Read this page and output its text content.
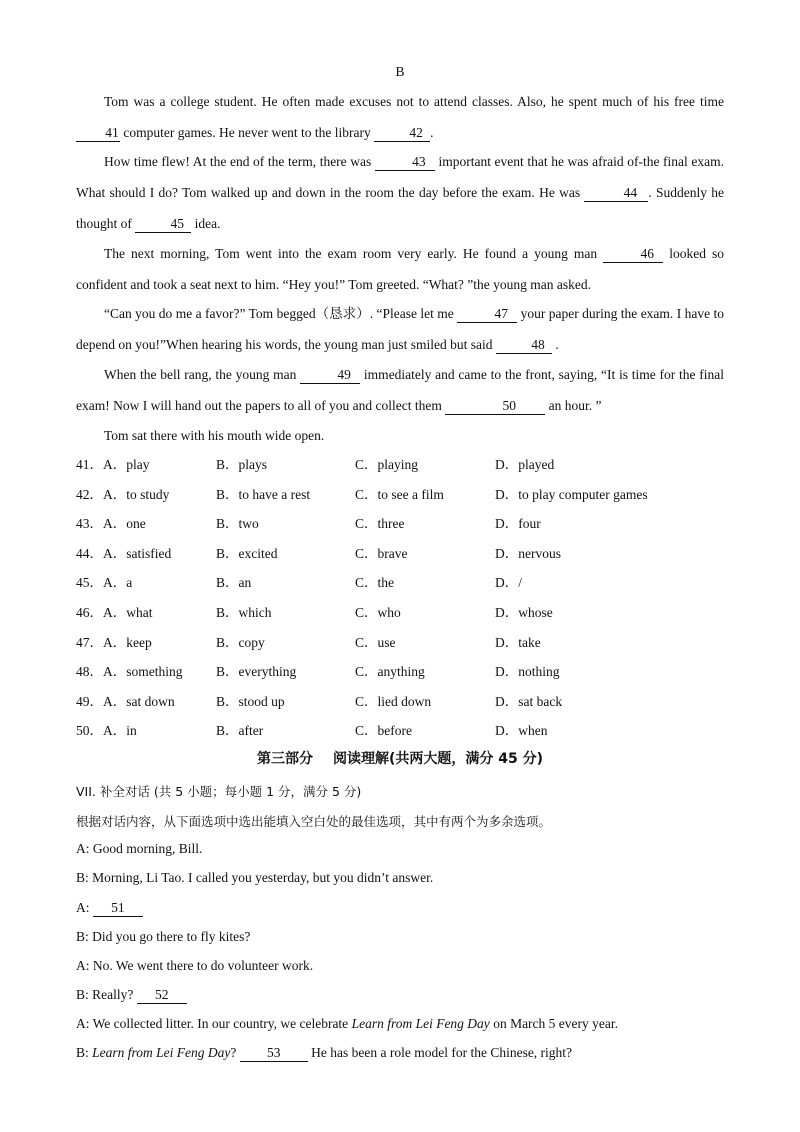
B
Tom was a college student. He often made excuses not to attend classes. Also, he spent much of his free time 41 computer games. He never went to the library	42 .
How time flew! At the end of the term, there was	43 important event that he was afraid of-the final exam. What should I do? Tom walked up and down in the room the day before the exam. He was	44 . Suddenly he thought of	45 idea.
The next morning, Tom went into the exam room very early. He found a young man	46 looked so confident and took a seat next to him. “Hey you!” Tom greeted. “What? ”the young man asked.
“Can you do me a favor?” Tom begged（恳求）. “Please let me	47 your paper during the exam. I have to depend on you!”When hearing his words, the young man just smiled but said	48 .
When the bell rang, the young man	49 immediately and came to the front, saying, “It is time for the final exam! Now I will hand out the papers to all of you and collect them	50 an hour. ”
Tom sat there with his mouth wide open.
41．A．play	B．plays	C．playing	D．played
42．A．to study	B．to have a rest	C．to see a film	D．to play computer games
43．A．one	B．two	C．three	D．four
44．A．satisfied	B．excited	C．brave	D．nervous
45．A．a	B．an	C．the	D．/
46．A．what	B．which	C．who	D．whose
47．A．keep	B．copy	C．use	D．take
48．A．something B．everything	C．anything	D．nothing
49．A．sat down	B．stood up	C．lied down	D．sat back
50．A．in	B．after	C．before	D．when
第三部分 阅读理解(共两大题，满分 45 分)
VII. 补全对话 (共 5 小题；每小题 1 分，满分 5 分)
根据对话内容，从下面选项中选出能填入空白处的最佳选项，其中有两个为多余选项。
A: Good morning, Bill.
B: Morning, Li Tao. I called you yesterday, but you didn’t answer.
A: 51
B: Did you go there to fly kites?
A: No. We went there to do volunteer work.
B: Really? 52
A: We collected litter. In our country, we celebrate Learn from Lei Feng Day on March 5 every year.
B: Learn from Lei Feng Day? 53 He has been a role model for the Chinese, right?
